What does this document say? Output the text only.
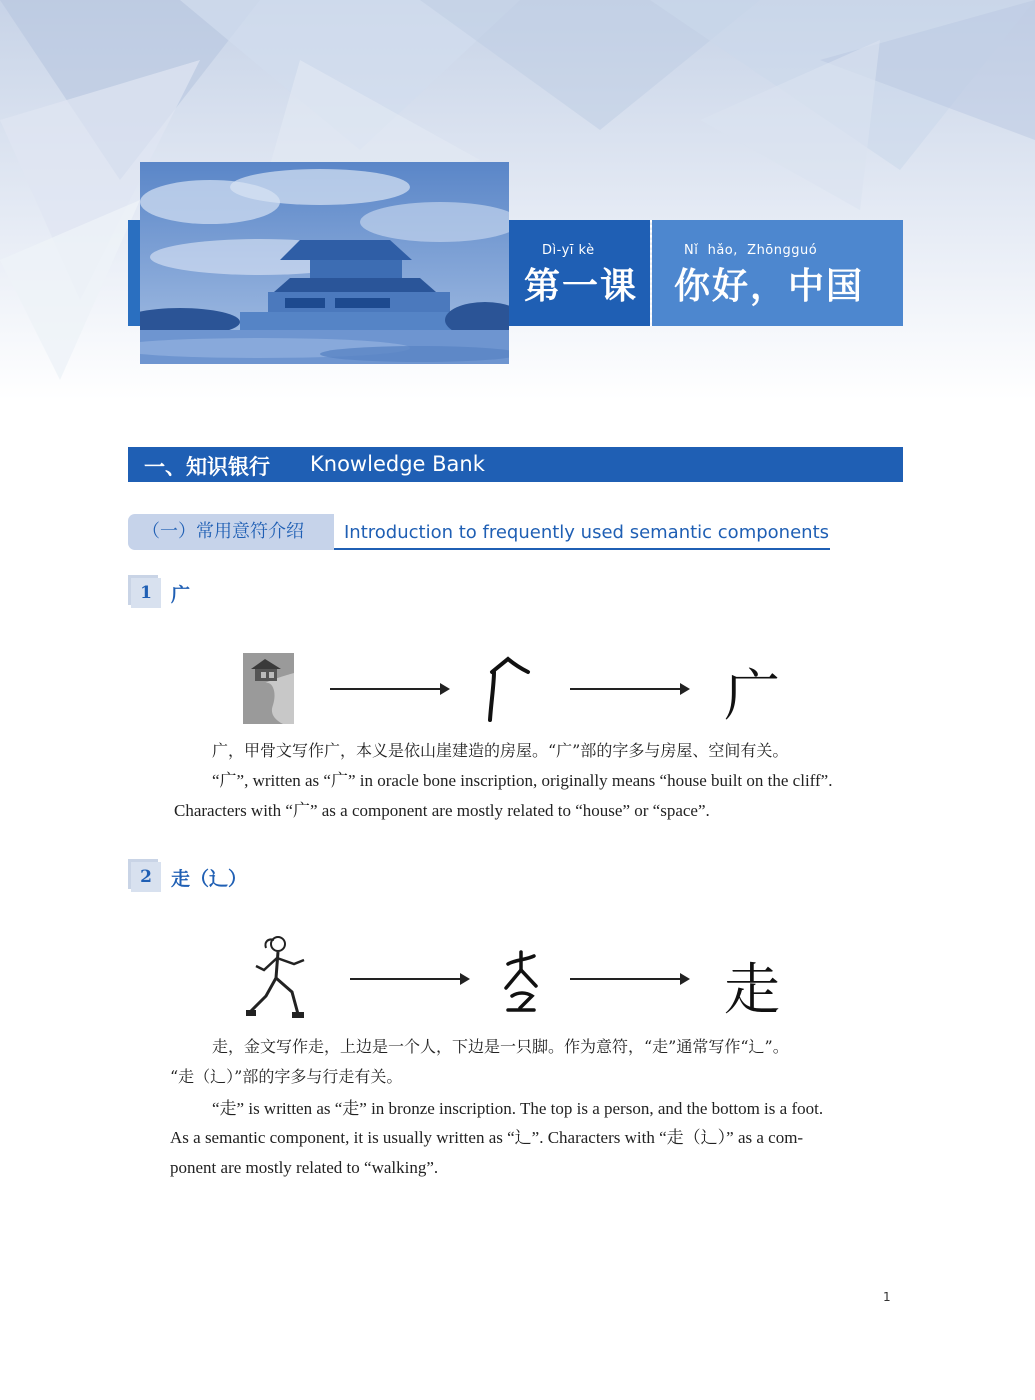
Dì-yī kè
第一课
Nǐ  hǎo,  Zhōngguó
你好，中国
一、知识银行 Knowledge Bank
（一）常用意符介绍	Introduction to frequently used semantic components
1	广
广
广，甲骨文写作广，本义是依山崖建造的房屋。“广”部的字多与房屋、空间有关。
“广”, written as “广” in oracle bone inscription, originally means “house built on the cliff”.
Characters with “广” as a component are mostly related to “house” or “space”.
2	走（辶）
走
走，金文写作走，上边是一个人，下边是一只脚。作为意符，“走”通常写作“辶”。
“走（辶）”部的字多与行走有关。
“走” is written as “走” in bronze inscription. The top is a person, and the bottom is a foot.
As a semantic component, it is usually written as “辶”. Characters with “走（辶）” as a com-
ponent are mostly related to “walking”.
1
